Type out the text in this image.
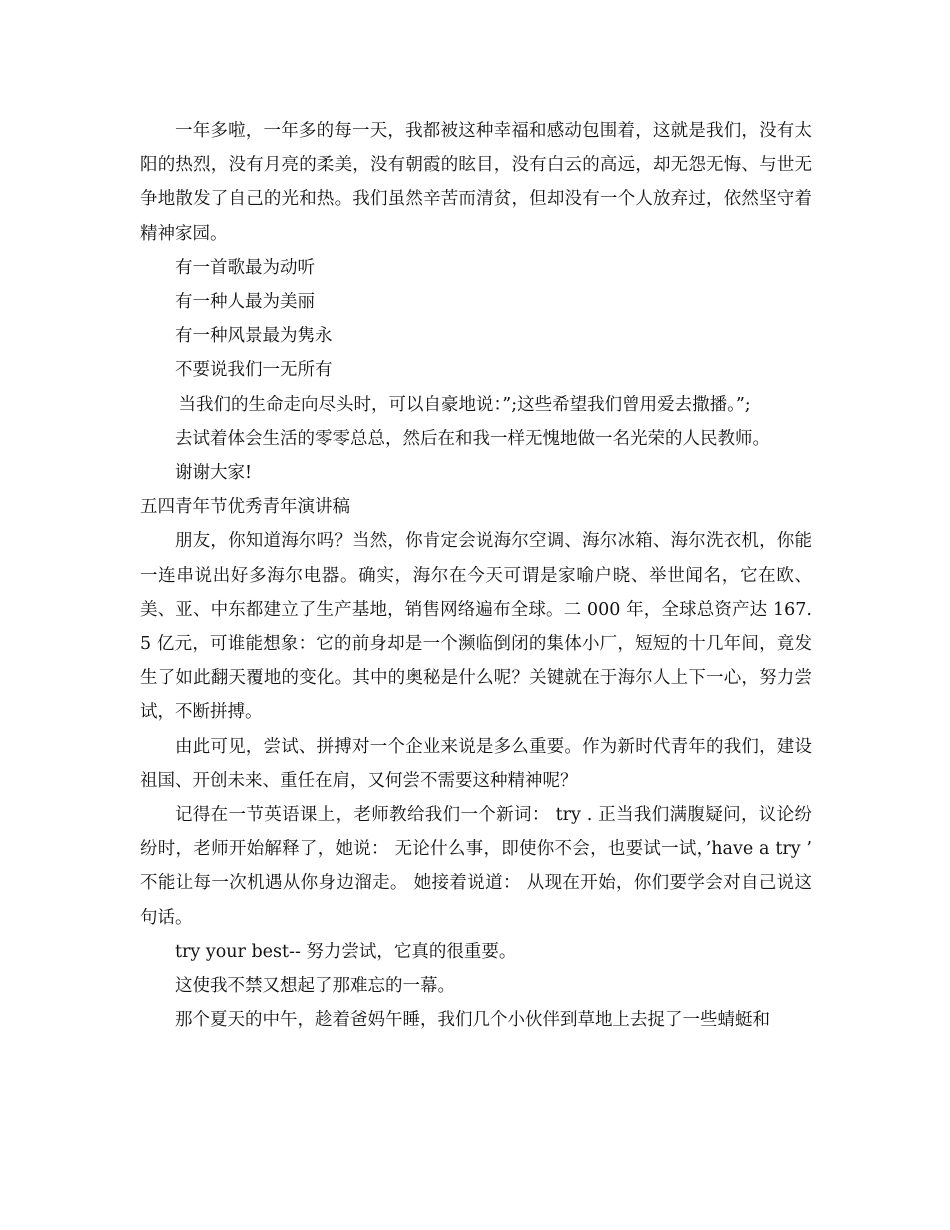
一年多啦，一年多的每一天，我都被这种幸福和感动包围着，这就是我们，没有太阳的热烈，没有月亮的柔美，没有朝霞的眩目，没有白云的高远，却无怨无悔、与世无争地散发了自己的光和热。我们虽然辛苦而清贫，但却没有一个人放弃过，依然坚守着精神家园。

有一首歌最为动听

有一种人最为美丽

有一种风景最为隽永

不要说我们一无所有

当我们的生命走向尽头时，可以自豪地说：”;这些希望我们曾用爱去撒播。”;

去试着体会生活的零零总总，然后在和我一样无愧地做一名光荣的人民教师。

谢谢大家!

五四青年节优秀青年演讲稿

朋友，你知道海尔吗？当然，你肯定会说海尔空调、海尔冰箱、海尔洗衣机，你能一连串说出好多海尔电器。确实，海尔在今天可谓是家喻户晓、举世闻名，它在欧、美、亚、中东都建立了生产基地，销售网络遍布全球。二 000 年，全球总资产达 167.5 亿元，可谁能想象：它的前身却是一个濒临倒闭的集体小厂，短短的十几年间，竟发生了如此翻天覆地的变化。其中的奥秘是什么呢？关键就在于海尔人上下一心，努力尝试，不断拼搏。

由此可见，尝试、拼搏对一个企业来说是多么重要。作为新时代青年的我们，建设祖国、开创未来、重任在肩，又何尝不需要这种精神呢？

记得在一节英语课上，老师教给我们一个新词： try . 正当我们满腹疑问，议论纷纷时，老师开始解释了，她说： 无论什么事，即使你不会，也要试一试，’have a try ’ 不能让每一次机遇从你身边溜走。 她接着说道： 从现在开始，你们要学会对自己说这句话。

try your best-- 努力尝试，它真的很重要。

这使我不禁又想起了那难忘的一幕。

那个夏天的中午，趁着爸妈午睡，我们几个小伙伴到草地上去捉了一些蜻蜓和
